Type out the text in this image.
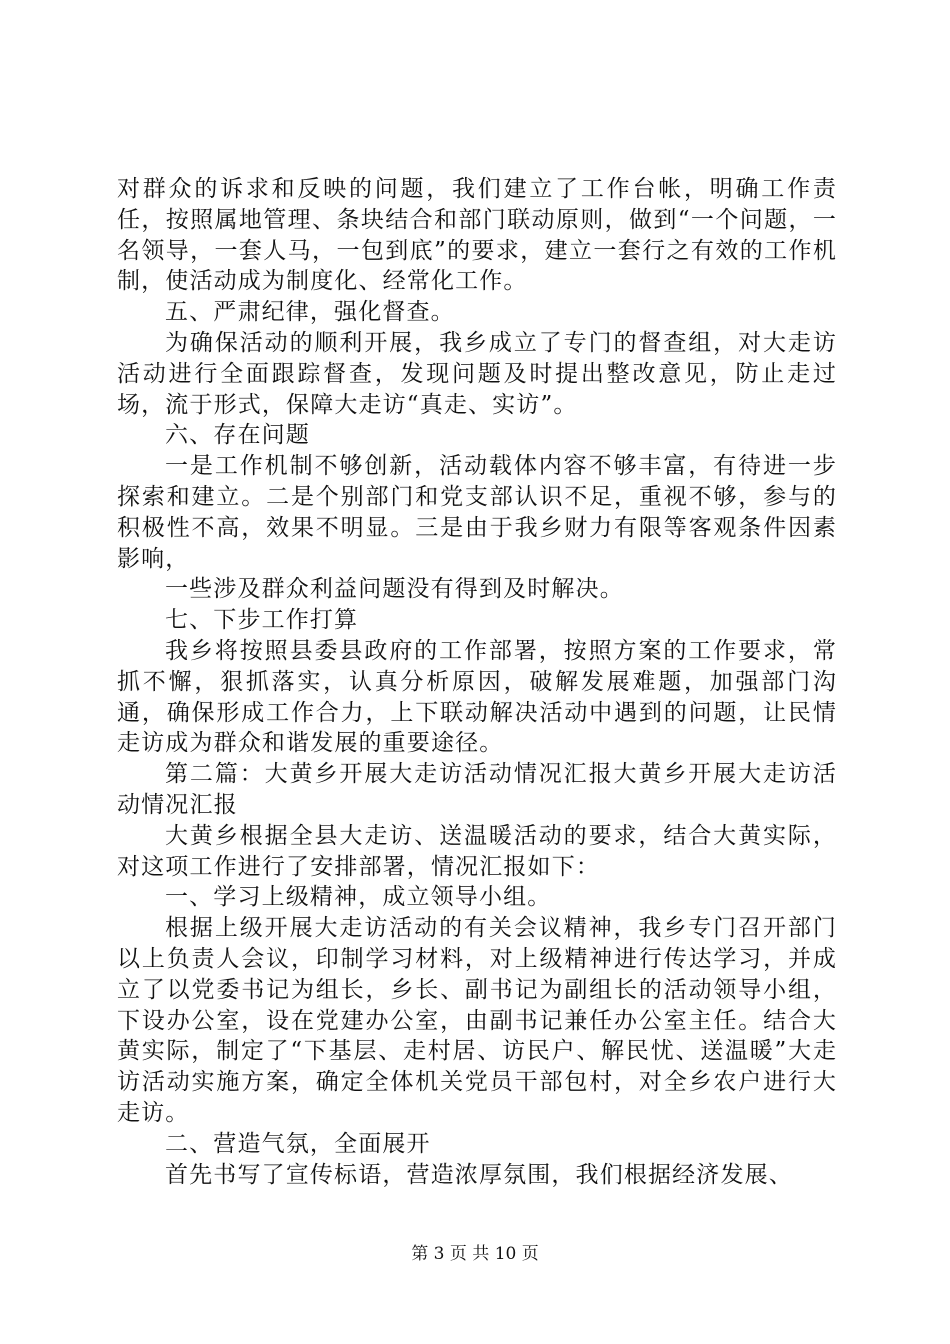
对群众的诉求和反映的问题，我们建立了工作台帐，明确工作责任，按照属地管理、条块结合和部门联动原则，做到“一个问题，一名领导，一套人马，一包到底”的要求，建立一套行之有效的工作机制，使活动成为制度化、经常化工作。

五、严肃纪律，强化督查。

为确保活动的顺利开展，我乡成立了专门的督查组，对大走访活动进行全面跟踪督查，发现问题及时提出整改意见，防止走过场，流于形式，保障大走访“真走、实访”。

六、存在问题

一是工作机制不够创新，活动载体内容不够丰富，有待进一步探索和建立。二是个别部门和党支部认识不足，重视不够，参与的积极性不高，效果不明显。三是由于我乡财力有限等客观条件因素影响，

一些涉及群众利益问题没有得到及时解决。

七、下步工作打算

我乡将按照县委县政府的工作部署，按照方案的工作要求，常抓不懈，狠抓落实，认真分析原因，破解发展难题，加强部门沟通，确保形成工作合力，上下联动解决活动中遇到的问题，让民情走访成为群众和谐发展的重要途径。

第二篇：大黄乡开展大走访活动情况汇报大黄乡开展大走访活动情况汇报

大黄乡根据全县大走访、送温暖活动的要求，结合大黄实际，对这项工作进行了安排部署，情况汇报如下：

一、学习上级精神，成立领导小组。

根据上级开展大走访活动的有关会议精神，我乡专门召开部门以上负责人会议，印制学习材料，对上级精神进行传达学习，并成立了以党委书记为组长，乡长、副书记为副组长的活动领导小组，下设办公室，设在党建办公室，由副书记兼任办公室主任。结合大黄实际，制定了“下基层、走村居、访民户、解民忧、送温暖”大走访活动实施方案，确定全体机关党员干部包村，对全乡农户进行大走访。

二、营造气氛，全面展开

首先书写了宣传标语，营造浓厚氛围，我们根据经济发展、

第 3 页 共 10 页
